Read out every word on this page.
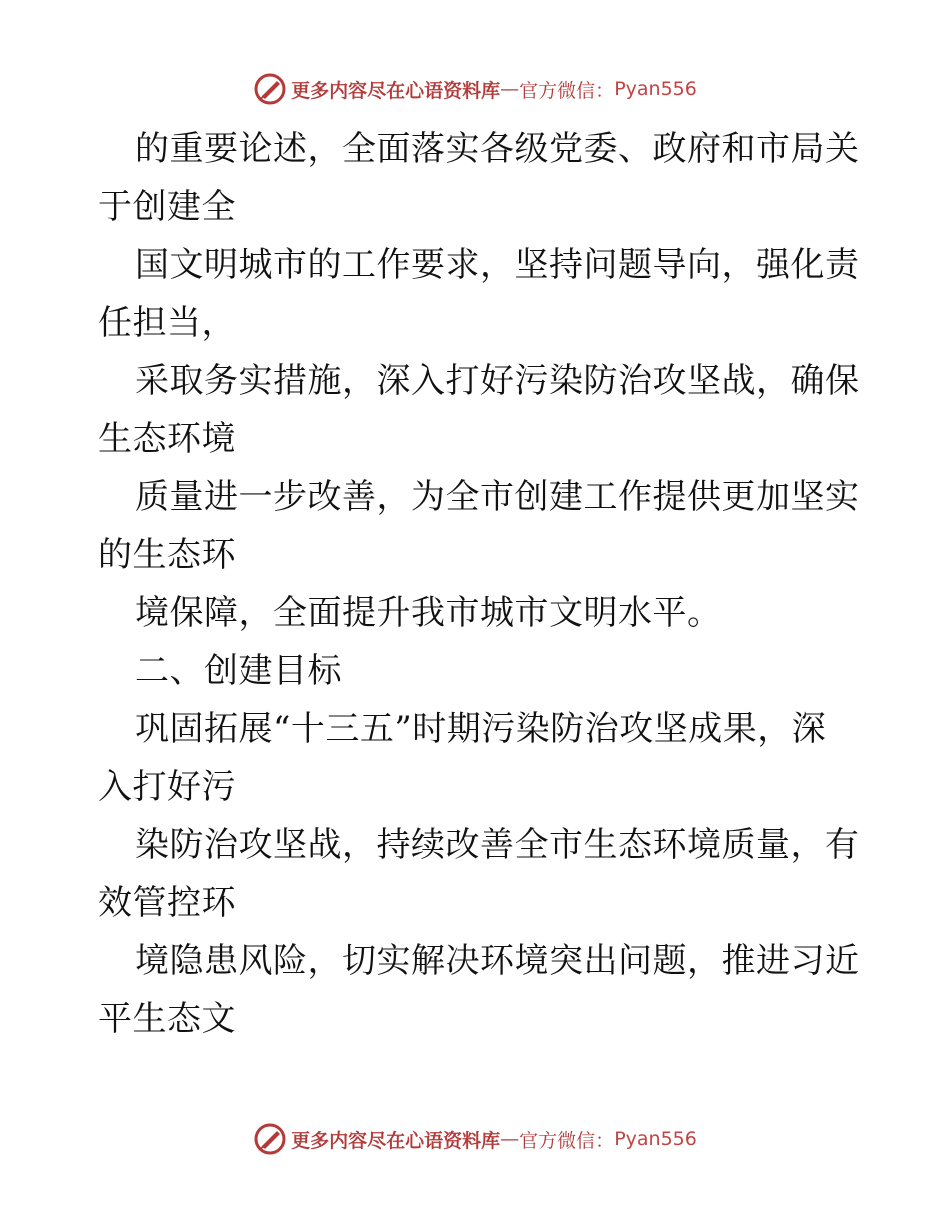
更多内容尽在心语资料库 — 官方微信： Pyan556
的重要论述，全面落实各级党委、政府和市局关
于创建全
国文明城市的工作要求，坚持问题导向，强化责
任担当，
采取务实措施，深入打好污染防治攻坚战，确保
生态环境
质量进一步改善，为全市创建工作提供更加坚实
的生态环
境保障，全面提升我市城市文明水平。
二、创建目标
巩固拓展“十三五”时期污染防治攻坚成果，深
入打好污
染防治攻坚战，持续改善全市生态环境质量，有
效管控环
境隐患风险，切实解决环境突出问题，推进习近
平生态文
更多内容尽在心语资料库 — 官方微信： Pyan556
